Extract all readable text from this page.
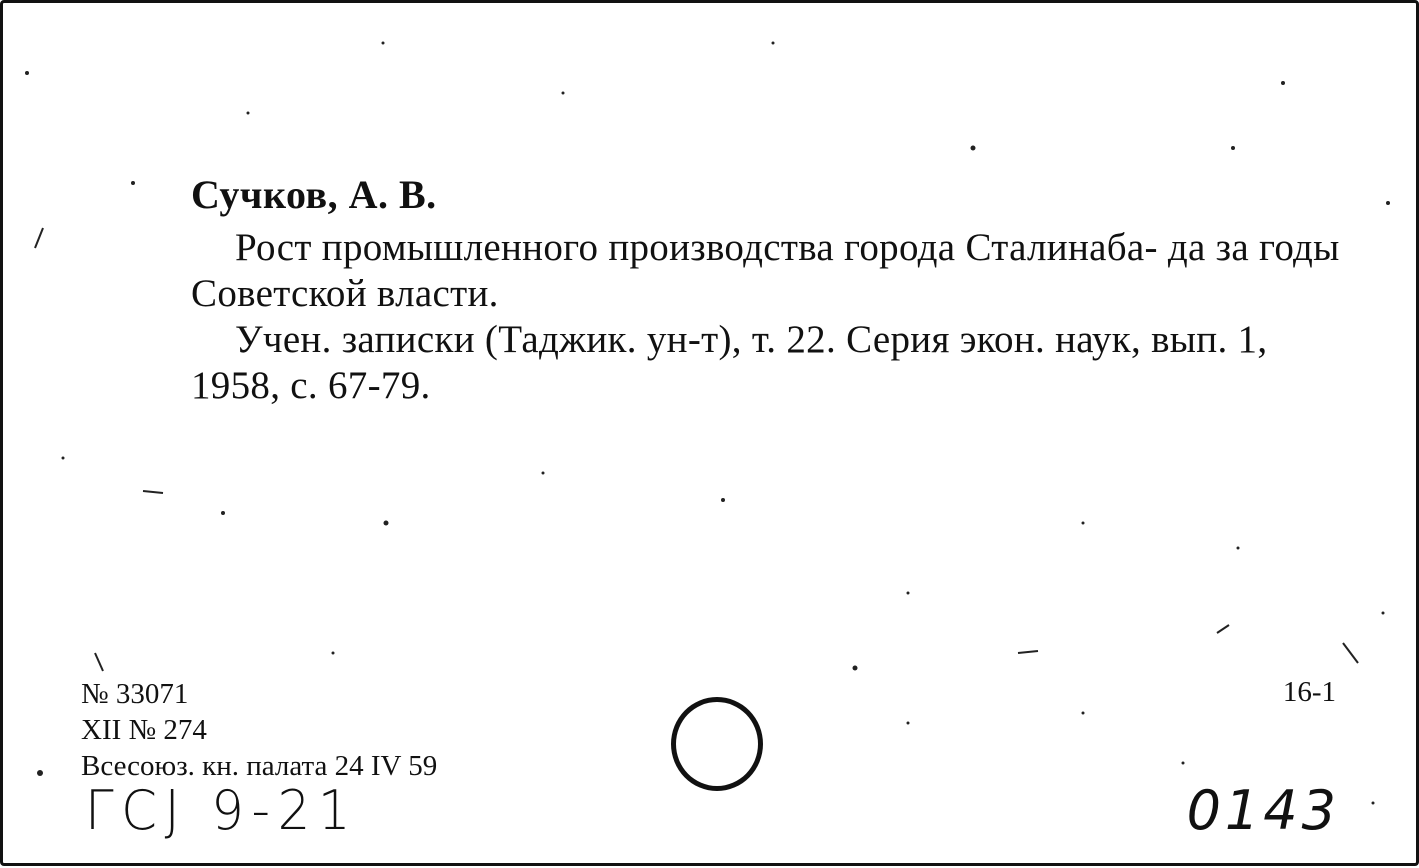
Сучков, А. В.

Рост промышленного производства города Сталинаба- да за годы Советской власти.

Учен. записки (Таджик. ун-т), т. 22. Серия экон. наук, вып. 1, 1958, с. 67-79.

№ 33071
XII № 274
Всесоюз. кн. палата 24 IV 59
16-1
ГСJ 9-21	0143
